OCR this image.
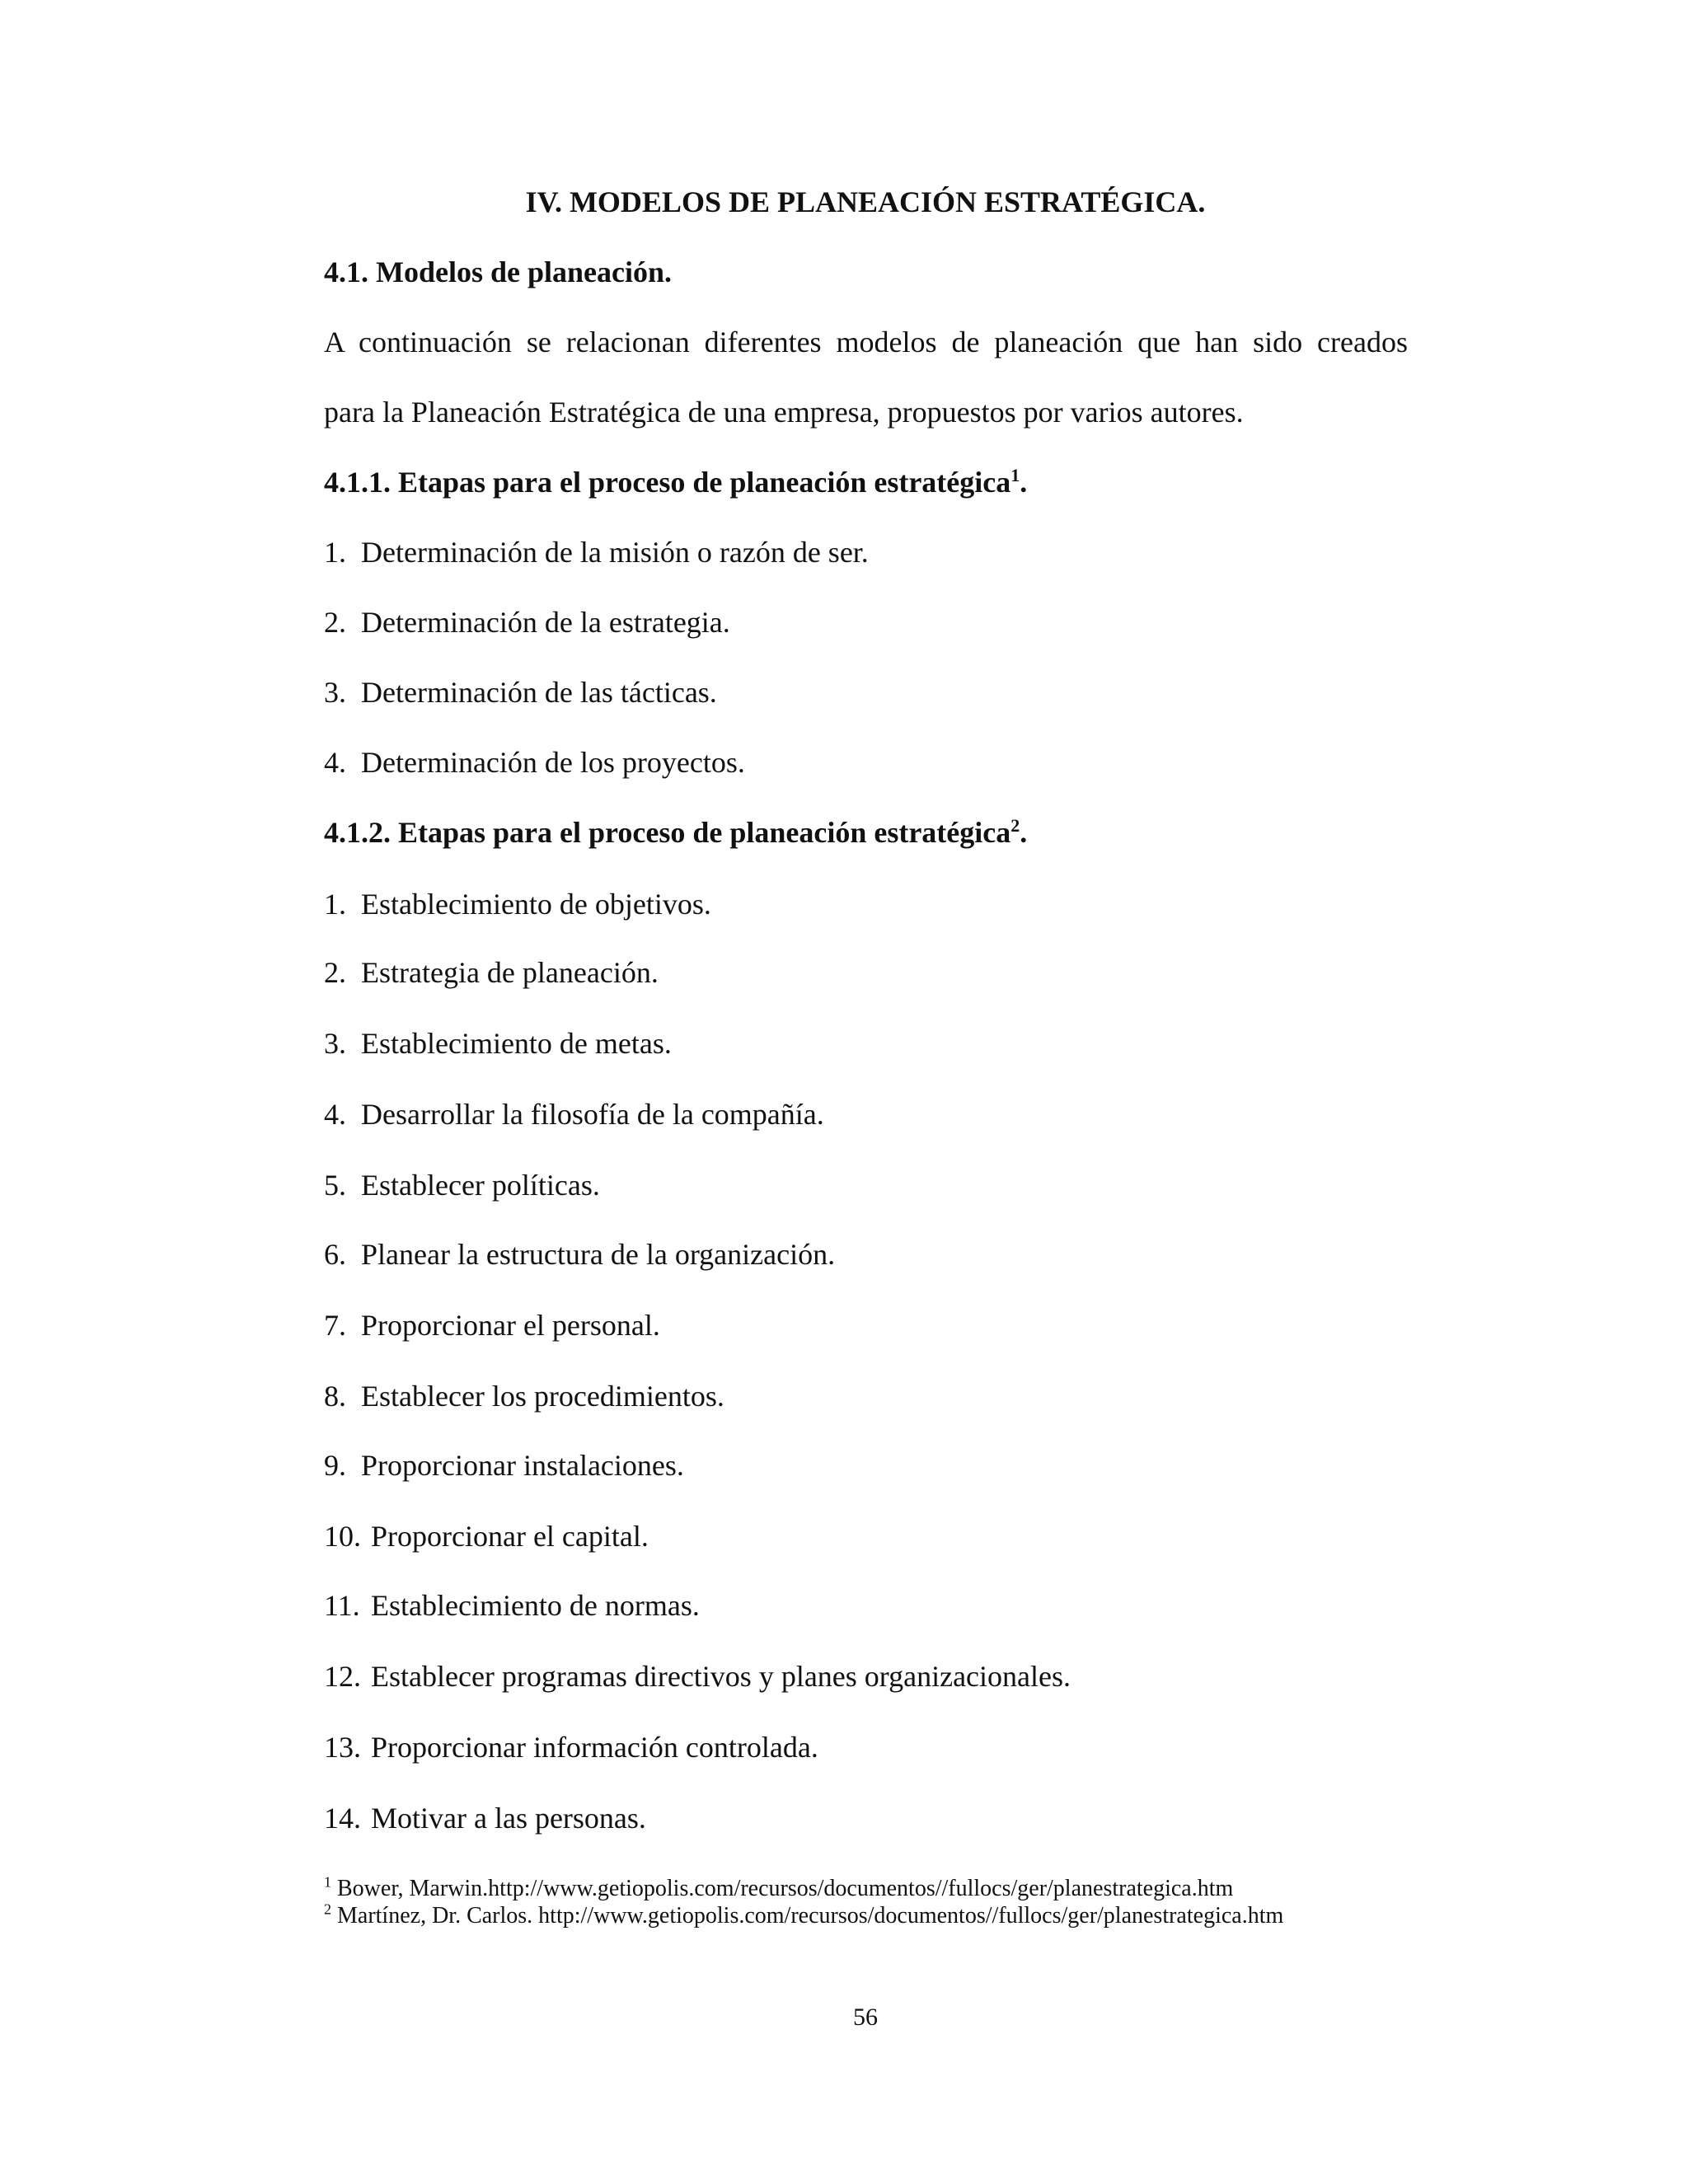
IV. MODELOS DE PLANEACIÓN ESTRATÉGICA.
4.1. Modelos de planeación.

A continuación se relacionan diferentes modelos de planeación que han sido creados

para la Planeación Estratégica de una empresa, propuestos por varios autores.

4.1.1. Etapas para el proceso de planeación estratégica$^1$.
1. Determinación de la misión o razón de ser.
2. Determinación de la estrategia.
3. Determinación de las tácticas.
4. Determinación de los proyectos.
4.1.2. Etapas para el proceso de planeación estratégica$^2$.
1. Establecimiento de objetivos.
2. Estrategia de planeación.
3. Establecimiento de metas.
4. Desarrollar la filosofía de la compañía.
5. Establecer políticas.
6. Planear la estructura de la organización.
7. Proporcionar el personal.
8. Establecer los procedimientos.
9. Proporcionar instalaciones.
10. Proporcionar el capital.
11. Establecimiento de normas.
12. Establecer programas directivos y planes organizacionales.
13. Proporcionar información controlada.
14. Motivar a las personas.

$^1$ Bower, Marwin.http://www.getiopolis.com/recursos/documentos//fullocs/ger/planestrategica.htm

$^2$ Martínez, Dr. Carlos. http://www.getiopolis.com/recursos/documentos//fullocs/ger/planestrategica.htm

56
